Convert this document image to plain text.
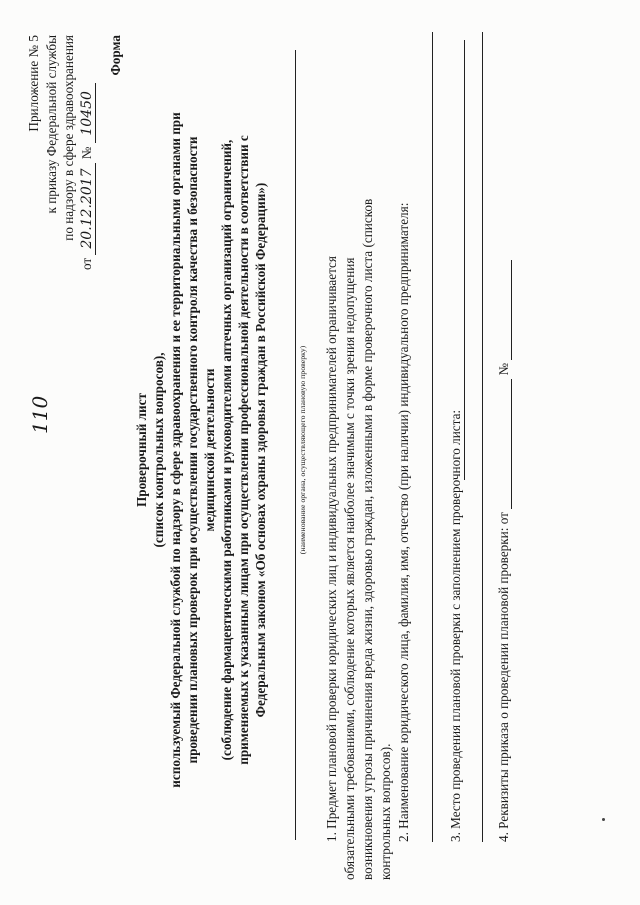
110
Приложение № 5 к приказу Федеральной службы по надзору в сфере здравоохранения
от 20.12.2017 № 10450
Форма
Проверочный лист (список контрольных вопросов), используемый Федеральной службой по надзору в сфере здравоохранения и ее территориальными органами при проведении плановых проверок при осуществлении государственного контроля качества и безопасности медицинской деятельности (соблюдение фармацевтическими работниками и руководителями аптечных организаций ограничений, применяемых к указанным лицам при осуществлении профессиональной деятельности в соответствии с Федеральным законом «Об основах охраны здоровья граждан в Российской Федерации»)	(наименование органа, осуществляющего плановую проверку) 1. Предмет плановой проверки юридических лиц и индивидуальных предпринимателей ограничивается обязательными требованиями, соблюдение которых является наиболее значимым с точки зрения недопущения возникновения угрозы причинения вреда жизни, здоровью граждан, изложенными в форме проверочного листа (списков контрольных вопросов). 2. Наименование юридического лица, фамилия, имя, отчество (при наличии) индивидуального предпринимателя:	3. Место проведения плановой проверки с заполнением проверочного листа:	4. Реквизиты приказа о проведении плановой проверки: от   №
